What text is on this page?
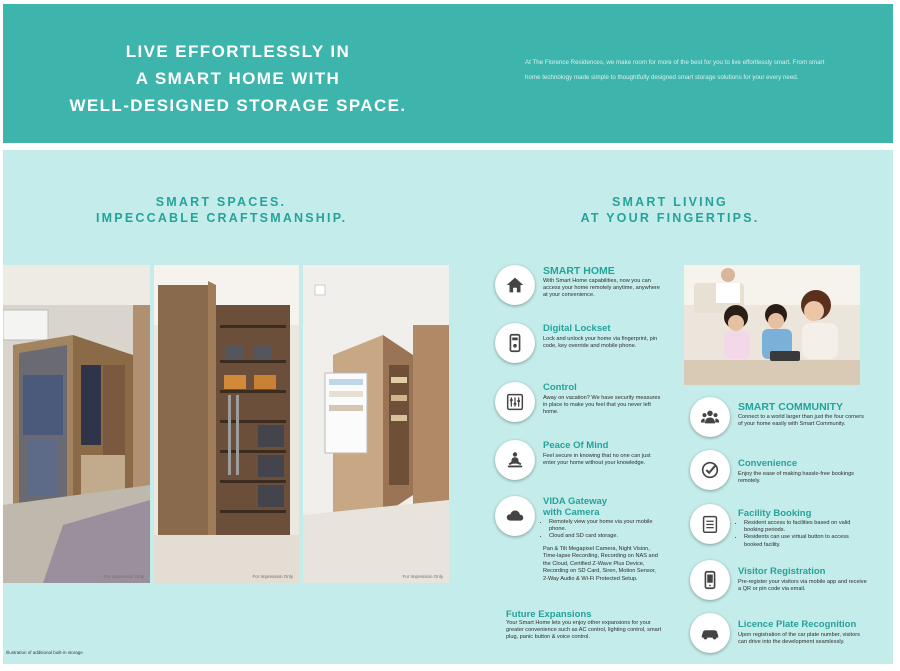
LIVE EFFORTLESSLY IN
A SMART HOME WITH
WELL-DESIGNED STORAGE SPACE.
At The Florence Residences, we make room for more of the best for you to live effortlessly smart. From smart home technology made simple to thoughtfully designed smart storage solutions for your every need.
SMART SPACES.
IMPECCABLE CRAFTSMANSHIP.
SMART LIVING
AT YOUR FINGERTIPS.
For Impression Only	For Impression Only	For Impression Only
Illustration of additional built-in storage
SMART HOME
With Smart Home capabilities, now you can access your home remotely anytime, anywhere at your convenience.
Digital Lockset
Lock and unlock your home via fingerprint, pin code, key override and mobile phone.
Control
Away on vacation? We have security measures in place to make you feel that you never left home.
Peace Of Mind
Feel secure in knowing that no one can just enter your home without your knowledge.
VIDA Gateway
with Camera
• Remotely view your home via your mobile phone.
• Cloud and SD card storage.
Pan & Tilt Megapixel Camera, Night Vision, Time-lapse Recording, Recording on NAS and the Cloud, Certified Z-Wave Plus Device, Recording on SD Card, Siren, Motion Sensor, 2-Way Audio & Wi-Fi Protected Setup.
Future Expansions
Your Smart Home lets you enjoy other expansions for your greater convenience such as AC control, lighting control, smart plug, panic button & voice control.
SMART COMMUNITY
Connect to a world larger than just the four corners of your home easily with Smart Community.
Convenience
Enjoy the ease of making hassle-free bookings remotely.
Facility Booking
• Resident access to facilities based on valid booking periods.
• Residents can use virtual button to access booked facility.
Visitor Registration
Pre-register your visitors via mobile app and receive a QR or pin code via email.
Licence Plate Recognition
Upon registration of the car plate number, visitors can drive into the development seamlessly.
